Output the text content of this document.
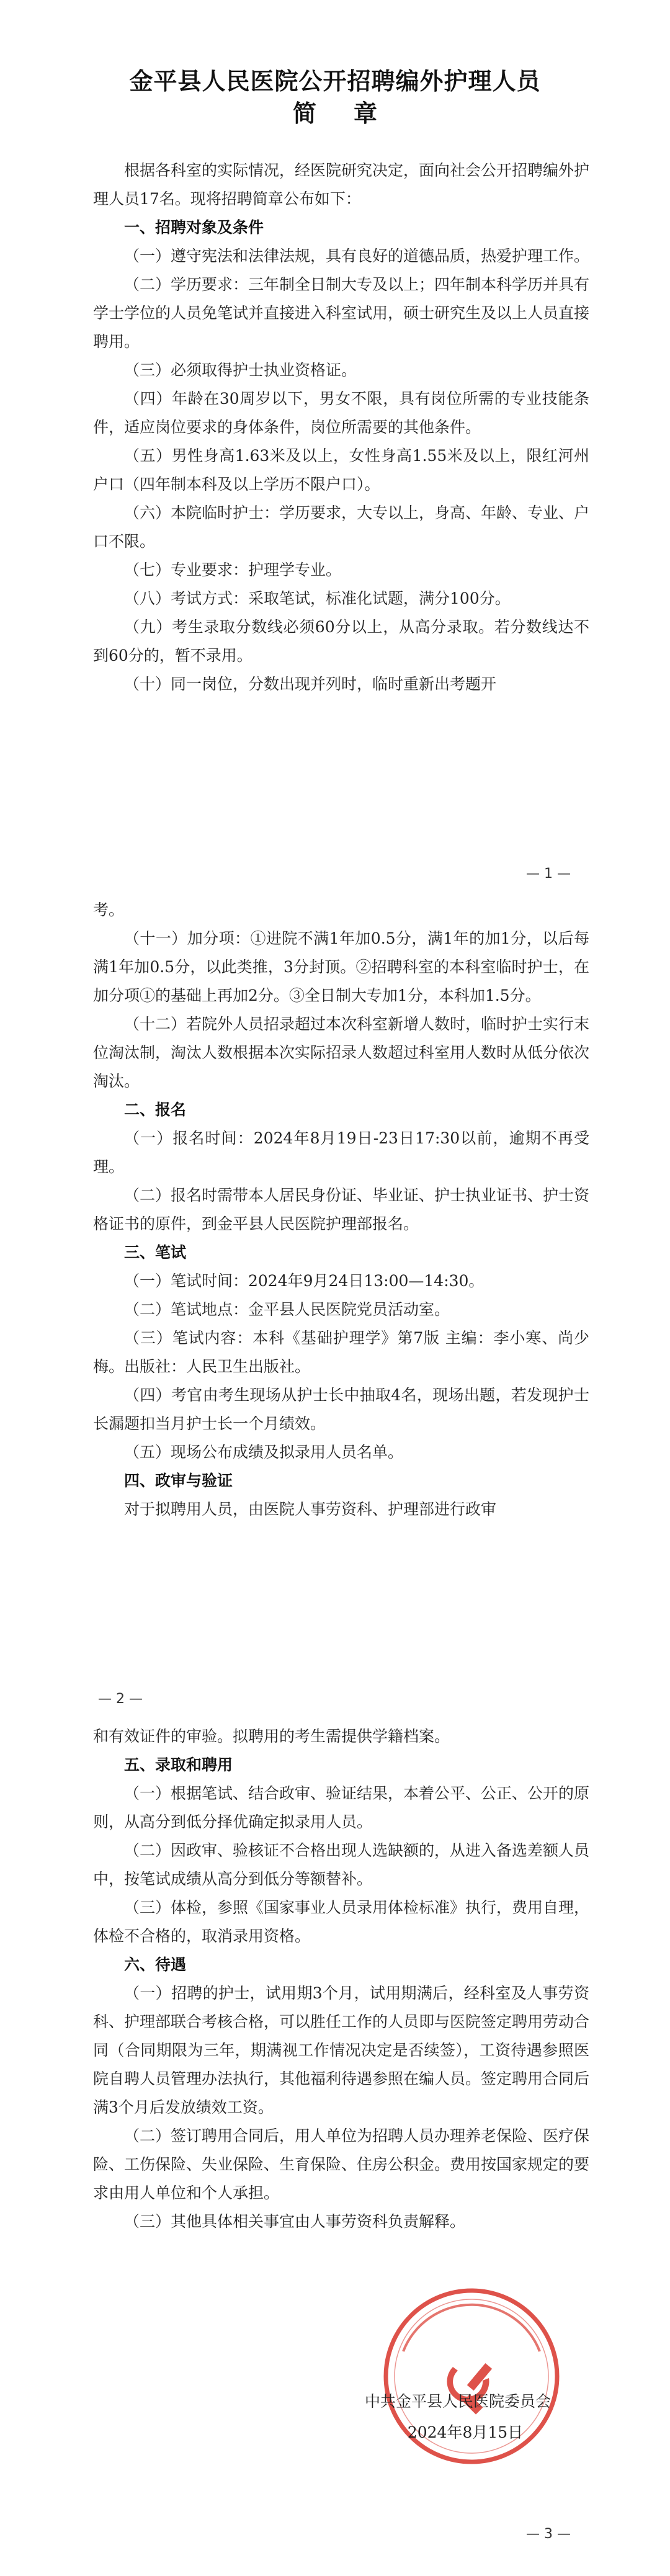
金平县人民医院公开招聘编外护理人员
简章

根据各科室的实际情况，经医院研究决定，面向社会公开招聘编外护理人员17名。现将招聘简章公布如下：

一、招聘对象及条件

（一）遵守宪法和法律法规，具有良好的道德品质，热爱护理工作。

（二）学历要求：三年制全日制大专及以上；四年制本科学历并具有学士学位的人员免笔试并直接进入科室试用，硕士研究生及以上人员直接聘用。

（三）必须取得护士执业资格证。

（四）年龄在30周岁以下，男女不限，具有岗位所需的专业技能条件，适应岗位要求的身体条件，岗位所需要的其他条件。

（五）男性身高1.63米及以上，女性身高1.55米及以上，限红河州户口（四年制本科及以上学历不限户口）。

（六）本院临时护士：学历要求，大专以上，身高、年龄、专业、户口不限。

（七）专业要求：护理学专业。

（八）考试方式：采取笔试，标准化试题，满分100分。

（九）考生录取分数线必须60分以上，从高分录取。若分数线达不到60分的，暂不录用。

（十）同一岗位，分数出现并列时，临时重新出考题开

— 1 —

考。

（十一）加分项：①进院不满1年加0.5分，满1年的加1分，以后每满1年加0.5分，以此类推，3分封顶。②招聘科室的本科室临时护士，在加分项①的基础上再加2分。③全日制大专加1分，本科加1.5分。

（十二）若院外人员招录超过本次科室新增人数时，临时护士实行末位淘汰制，淘汰人数根据本次实际招录人数超过科室用人数时从低分依次淘汰。

二、报名

（一）报名时间：2024年8月19日-23日17:30以前，逾期不再受理。

（二）报名时需带本人居民身份证、毕业证、护士执业证书、护士资格证书的原件，到金平县人民医院护理部报名。

三、笔试

（一）笔试时间：2024年9月24日13:00—14:30。

（二）笔试地点：金平县人民医院党员活动室。

（三）笔试内容：本科《基础护理学》第7版 主编：李小寒、尚少梅。出版社：人民卫生出版社。

（四）考官由考生现场从护士长中抽取4名，现场出题，若发现护士长漏题扣当月护士长一个月绩效。

（五）现场公布成绩及拟录用人员名单。

四、政审与验证

对于拟聘用人员，由医院人事劳资科、护理部进行政审

— 2 —

和有效证件的审验。拟聘用的考生需提供学籍档案。

五、录取和聘用

（一）根据笔试、结合政审、验证结果，本着公平、公正、公开的原则，从高分到低分择优确定拟录用人员。

（二）因政审、验核证不合格出现人选缺额的，从进入备选差额人员中，按笔试成绩从高分到低分等额替补。

（三）体检，参照《国家事业人员录用体检标准》执行，费用自理，体检不合格的，取消录用资格。

六、待遇

（一）招聘的护士，试用期3个月，试用期满后，经科室及人事劳资科、护理部联合考核合格，可以胜任工作的人员即与医院签定聘用劳动合同（合同期限为三年，期满视工作情况决定是否续签），工资待遇参照医院自聘人员管理办法执行，其他福利待遇参照在编人员。签定聘用合同后满3个月后发放绩效工资。

（二）签订聘用合同后，用人单位为招聘人员办理养老保险、医疗保险、工伤保险、失业保险、生育保险、住房公积金。费用按国家规定的要求由用人单位和个人承担。

（三）其他具体相关事宜由人事劳资科负责解释。

中共金平县人民医院委员会
2024年8月15日
— 3 —
